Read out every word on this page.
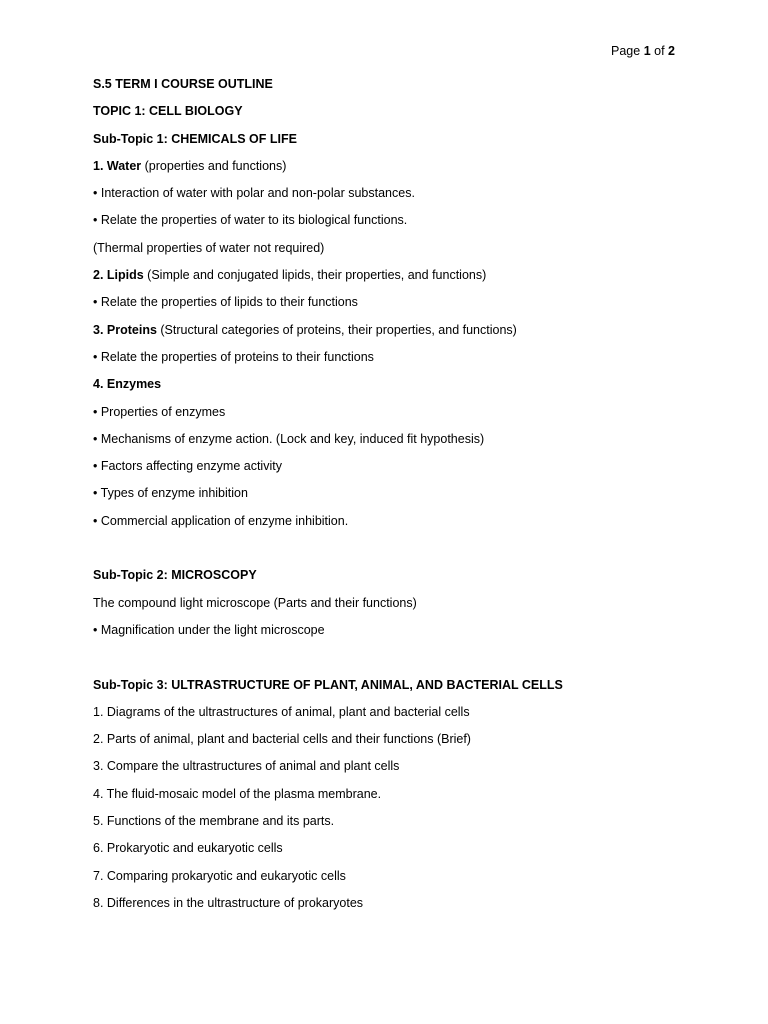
Page 1 of 2
S.5 TERM I COURSE OUTLINE
TOPIC 1: CELL BIOLOGY
Sub-Topic 1: CHEMICALS OF LIFE
1. Water (properties and functions)
• Interaction of water with polar and non-polar substances.
• Relate the properties of water to its biological functions.
(Thermal properties of water not required)
2. Lipids (Simple and conjugated lipids, their properties, and functions)
• Relate the properties of lipids to their functions
3. Proteins (Structural categories of proteins, their properties, and functions)
• Relate the properties of proteins to their functions
4. Enzymes
• Properties of enzymes
• Mechanisms of enzyme action. (Lock and key, induced fit hypothesis)
• Factors affecting enzyme activity
• Types of enzyme inhibition
• Commercial application of enzyme inhibition.
Sub-Topic 2: MICROSCOPY
The compound light microscope (Parts and their functions)
• Magnification under the light microscope
Sub-Topic 3: ULTRASTRUCTURE OF PLANT, ANIMAL, AND BACTERIAL CELLS
1. Diagrams of the ultrastructures of animal, plant and bacterial cells
2. Parts of animal, plant and bacterial cells and their functions (Brief)
3. Compare the ultrastructures of animal and plant cells
4. The fluid-mosaic model of the plasma membrane.
5. Functions of the membrane and its parts.
6. Prokaryotic and eukaryotic cells
7. Comparing prokaryotic and eukaryotic cells
8. Differences in the ultrastructure of prokaryotes
